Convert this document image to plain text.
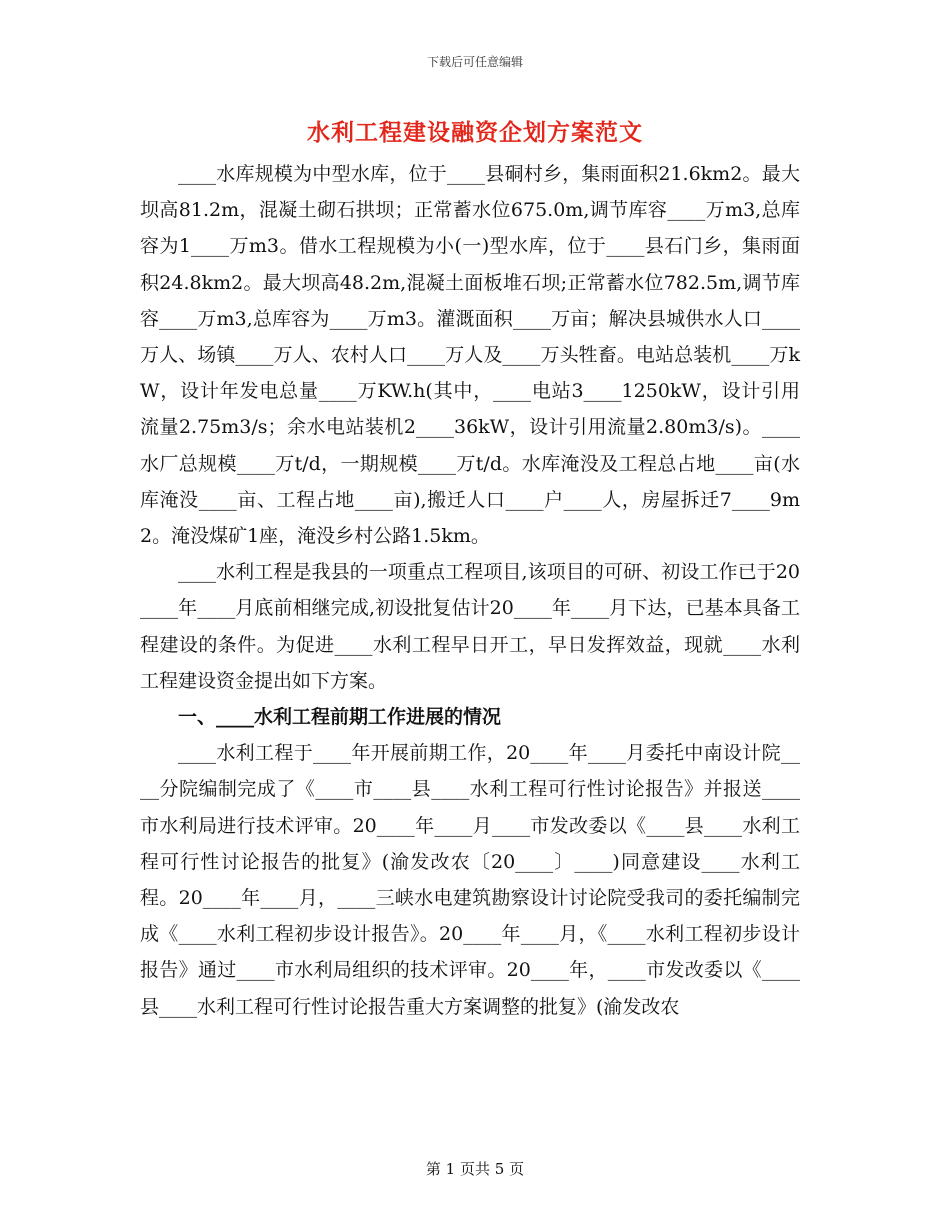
下载后可任意编辑
水利工程建设融资企划方案范文

____水库规模为中型水库，位于____县硐村乡，集雨面积21.6km2。最大坝高81.2m，混凝土砌石拱坝；正常蓄水位675.0m,调节库容____万m3,总库容为1____万m3。借水工程规模为小(一)型水库，位于____县石门乡，集雨面积24.8km2。最大坝高48.2m,混凝土面板堆石坝;正常蓄水位782.5m,调节库容____万m3,总库容为____万m3。灌溉面积____万亩；解决县城供水人口____万人、场镇____万人、农村人口____万人及____万头牲畜。电站总装机____万kW，设计年发电总量____万KW.h(其中，____电站3____1250kW，设计引用流量2.75m3/s；余水电站装机2____36kW，设计引用流量2.80m3/s)。____水厂总规模____万t/d，一期规模____万t/d。水库淹没及工程总占地____亩(水库淹没____亩、工程占地____亩),搬迁人口____户____人，房屋拆迁7____9m2。淹没煤矿1座，淹没乡村公路1.5km。

____水利工程是我县的一项重点工程项目,该项目的可研、初设工作已于20____年____月底前相继完成,初设批复估计20____年____月下达，已基本具备工程建设的条件。为促进____水利工程早日开工，早日发挥效益，现就____水利工程建设资金提出如下方案。

一、____水利工程前期工作进展的情况

____水利工程于____年开展前期工作，20____年____月委托中南设计院____分院编制完成了《____市____县____水利工程可行性讨论报告》并报送____市水利局进行技术评审。20____年____月____市发改委以《____县____水利工程可行性讨论报告的批复》(渝发改农〔20____〕____)同意建设____水利工程。20____年____月，____三峡水电建筑勘察设计讨论院受我司的委托编制完成《____水利工程初步设计报告》。20____年____月，《____水利工程初步设计报告》通过____市水利局组织的技术评审。20____年，____市发改委以《____县____水利工程可行性讨论报告重大方案调整的批复》(渝发改农

第 1 页共 5 页
